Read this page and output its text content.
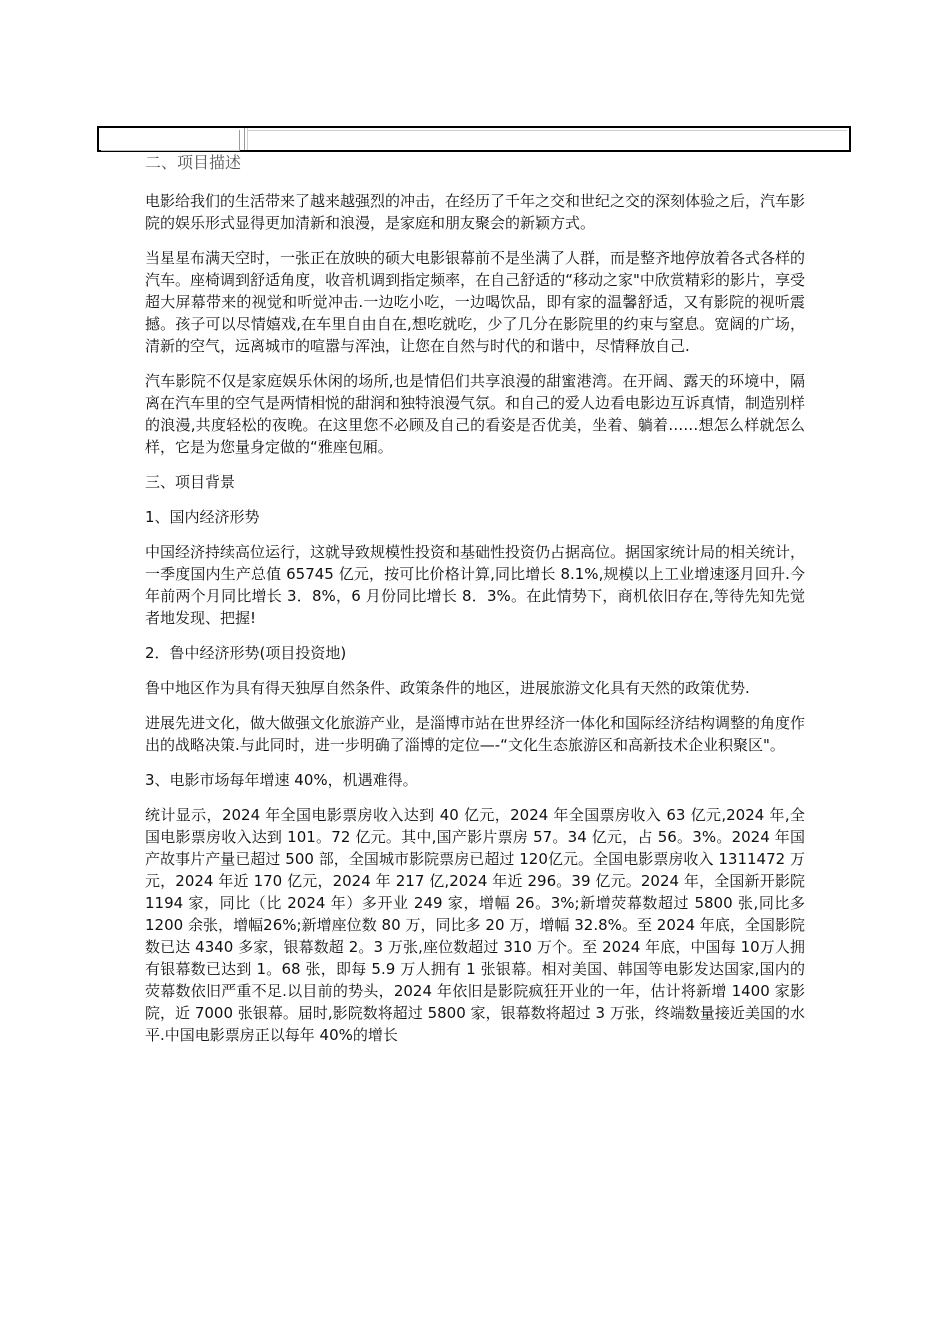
二、项目描述

电影给我们的生活带来了越来越强烈的冲击，在经历了千年之交和世纪之交的深刻体验之后，汽车影院的娱乐形式显得更加清新和浪漫，是家庭和朋友聚会的新颖方式。

当星星布满天空时，一张正在放映的硕大电影银幕前不是坐满了人群，而是整齐地停放着各式各样的汽车。座椅调到舒适角度，收音机调到指定频率，在自己舒适的“移动之家"中欣赏精彩的影片，享受超大屏幕带来的视觉和听觉冲击.一边吃小吃，一边喝饮品，即有家的温馨舒适，又有影院的视听震撼。孩子可以尽情嬉戏,在车里自由自在,想吃就吃，少了几分在影院里的约束与窒息。宽阔的广场，清新的空气，远离城市的喧嚣与浑浊，让您在自然与时代的和谐中，尽情释放自己.

汽车影院不仅是家庭娱乐休闲的场所,也是情侣们共享浪漫的甜蜜港湾。在开阔、露天的环境中，隔离在汽车里的空气是两情相悦的甜润和独特浪漫气氛。和自己的爱人边看电影边互诉真情，制造别样的浪漫,共度轻松的夜晚。在这里您不必顾及自己的看姿是否优美，坐着、躺着……想怎么样就怎么样，它是为您量身定做的“雅座包厢。

三、项目背景

1、国内经济形势

中国经济持续高位运行，这就导致规模性投资和基础性投资仍占据高位。据国家统计局的相关统计，一季度国内生产总值 65745 亿元，按可比价格计算,同比增长 8.1%,规模以上工业增速逐月回升.今年前两个月同比增长 3．8%，6 月份同比增长 8．3%。在此情势下，商机依旧存在,等待先知先觉者地发现、把握!

2．鲁中经济形势(项目投资地)

鲁中地区作为具有得天独厚自然条件、政策条件的地区，进展旅游文化具有天然的政策优势.

进展先进文化，做大做强文化旅游产业，是淄博市站在世界经济一体化和国际经济结构调整的角度作出的战略决策.与此同时，进一步明确了淄博的定位—-“文化生态旅游区和高新技术企业积聚区"。

3、电影市场每年增速 40%，机遇难得。

统计显示，2024 年全国电影票房收入达到 40 亿元，2024 年全国票房收入 63 亿元,2024 年,全国电影票房收入达到 101。72 亿元。其中,国产影片票房 57。34 亿元，占 56。3%。2024 年国产故事片产量已超过 500 部，全国城市影院票房已超过 120亿元。全国电影票房收入 1311472 万元，2024 年近 170 亿元，2024 年 217 亿,2024 年近 296。39 亿元。2024 年，全国新开影院 1194 家，同比（比 2024 年）多开业 249 家，增幅 26。3%;新增荧幕数超过 5800 张,同比多 1200 余张，增幅26%;新增座位数 80 万，同比多 20 万，增幅 32.8%。至 2024 年底，全国影院数已达 4340 多家，银幕数超 2。3 万张,座位数超过 310 万个。至 2024 年底，中国每 10万人拥有银幕数已达到 1。68 张，即每 5.9 万人拥有 1 张银幕。相对美国、韩国等电影发达国家,国内的荧幕数依旧严重不足.以目前的势头，2024 年依旧是影院疯狂开业的一年，估计将新增 1400 家影院，近 7000 张银幕。届时,影院数将超过 5800 家，银幕数将超过 3 万张，终端数量接近美国的水平.中国电影票房正以每年 40%的增长
